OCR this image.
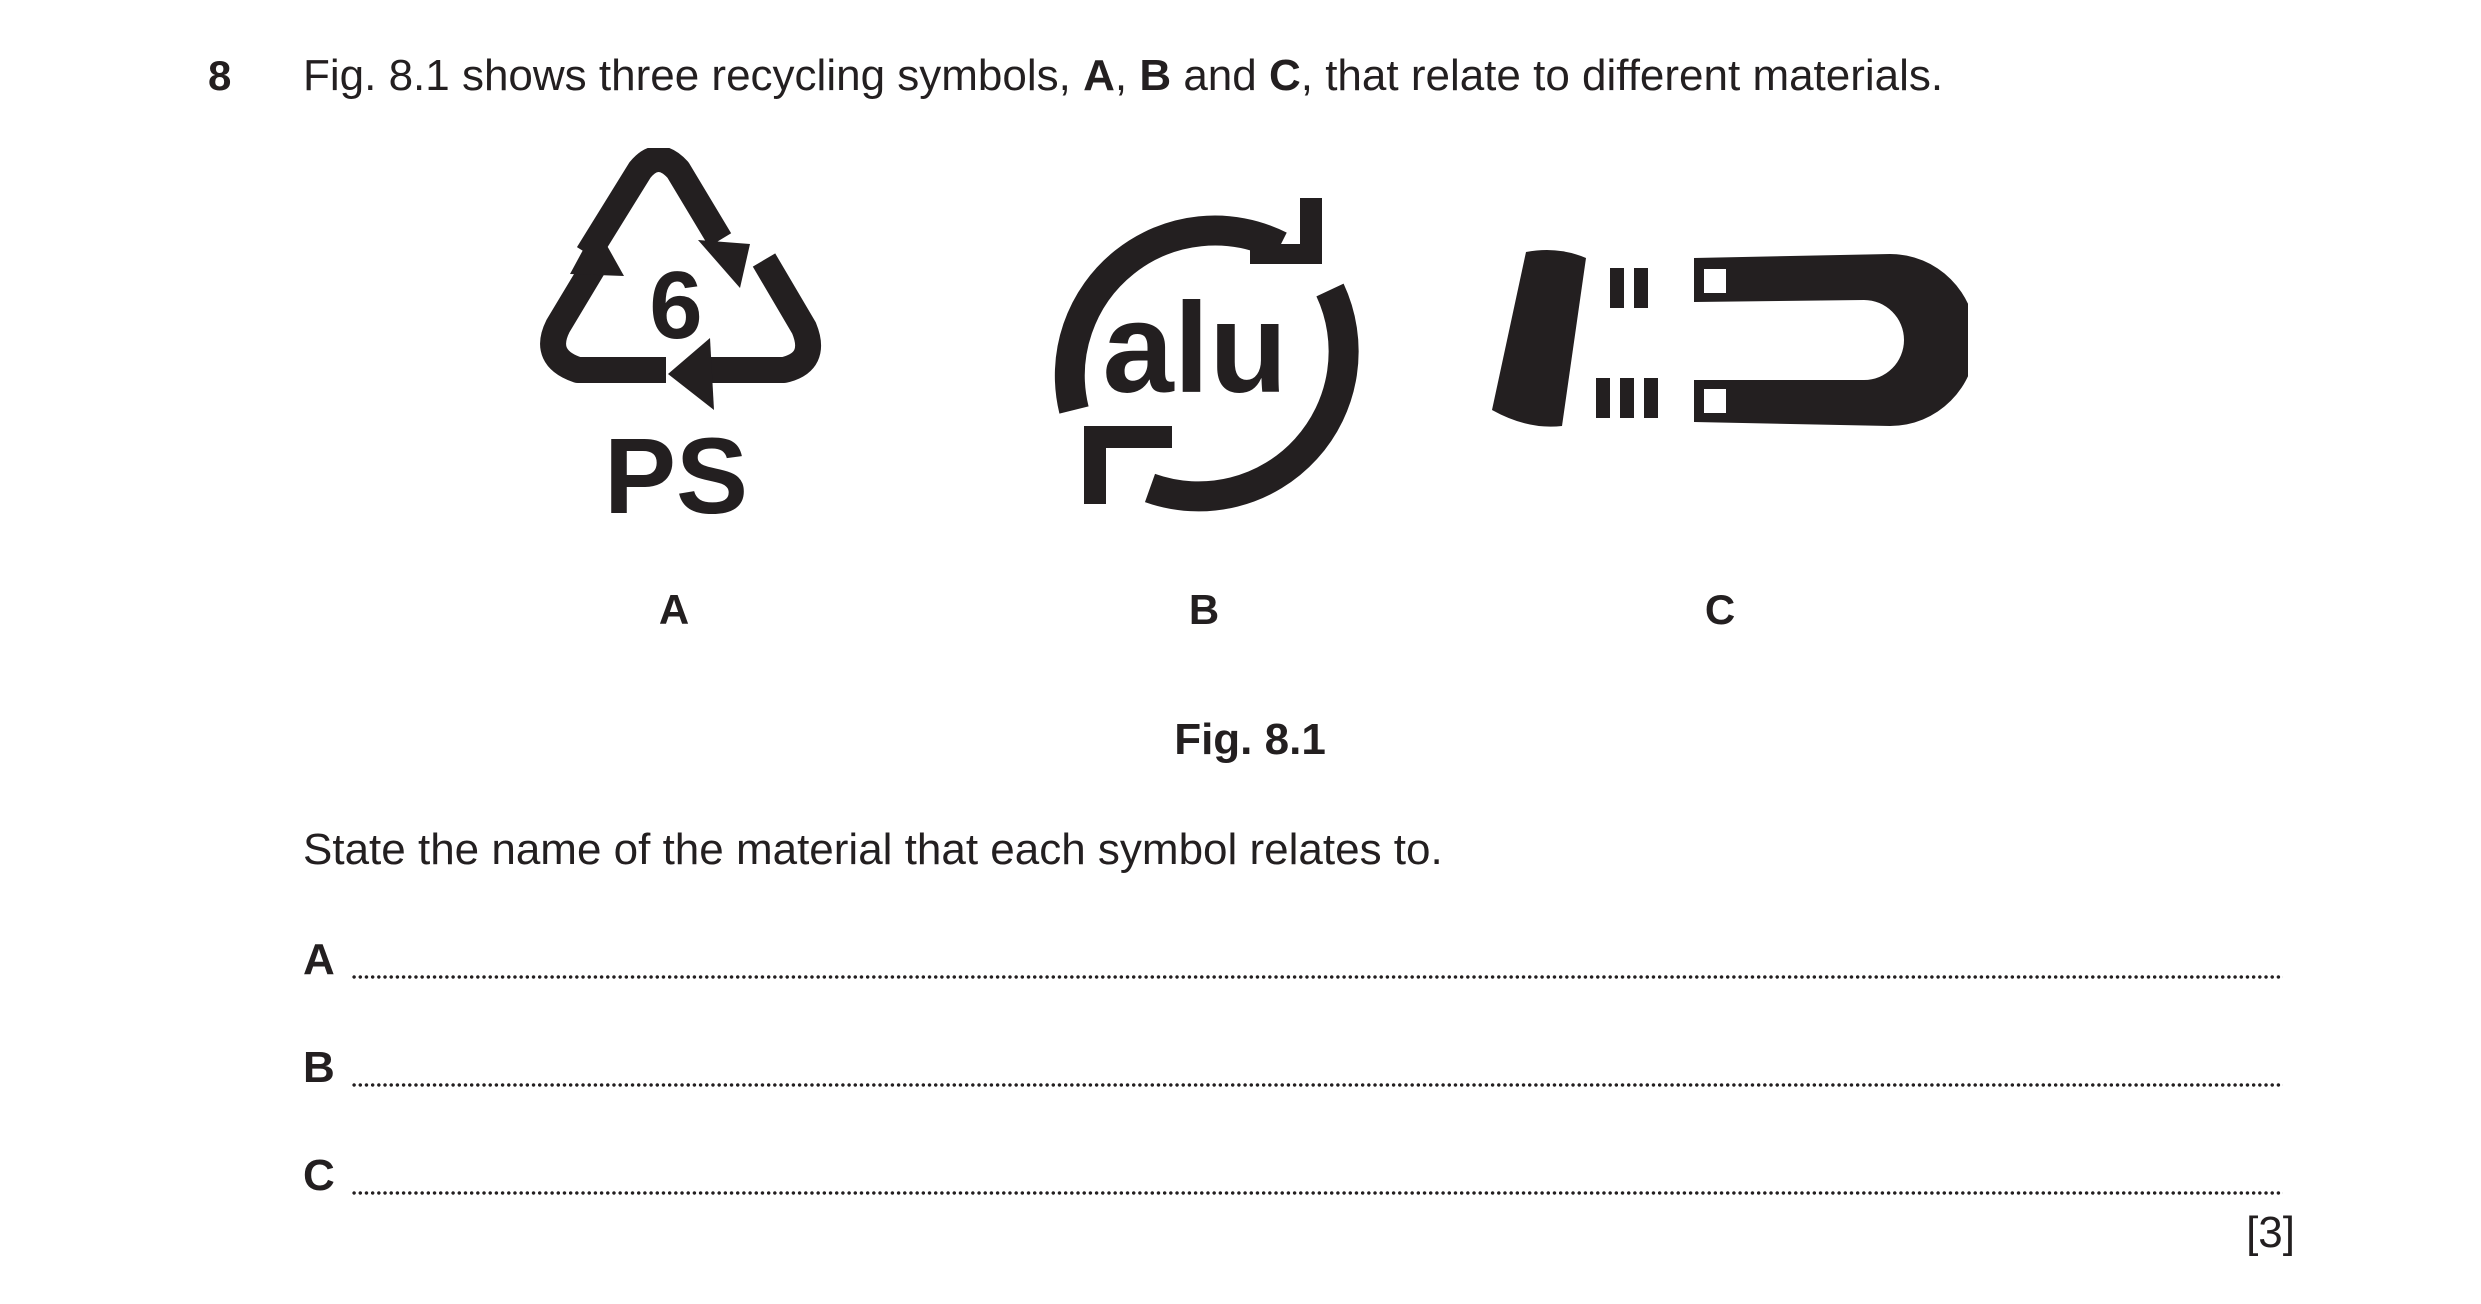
8 Fig. 8.1 shows three recycling symbols, A, B and C, that relate to different materials.
6
PS
alu
A	B	C
Fig. 8.1
State the name of the material that each symbol relates to.
A
B
C
[3]
